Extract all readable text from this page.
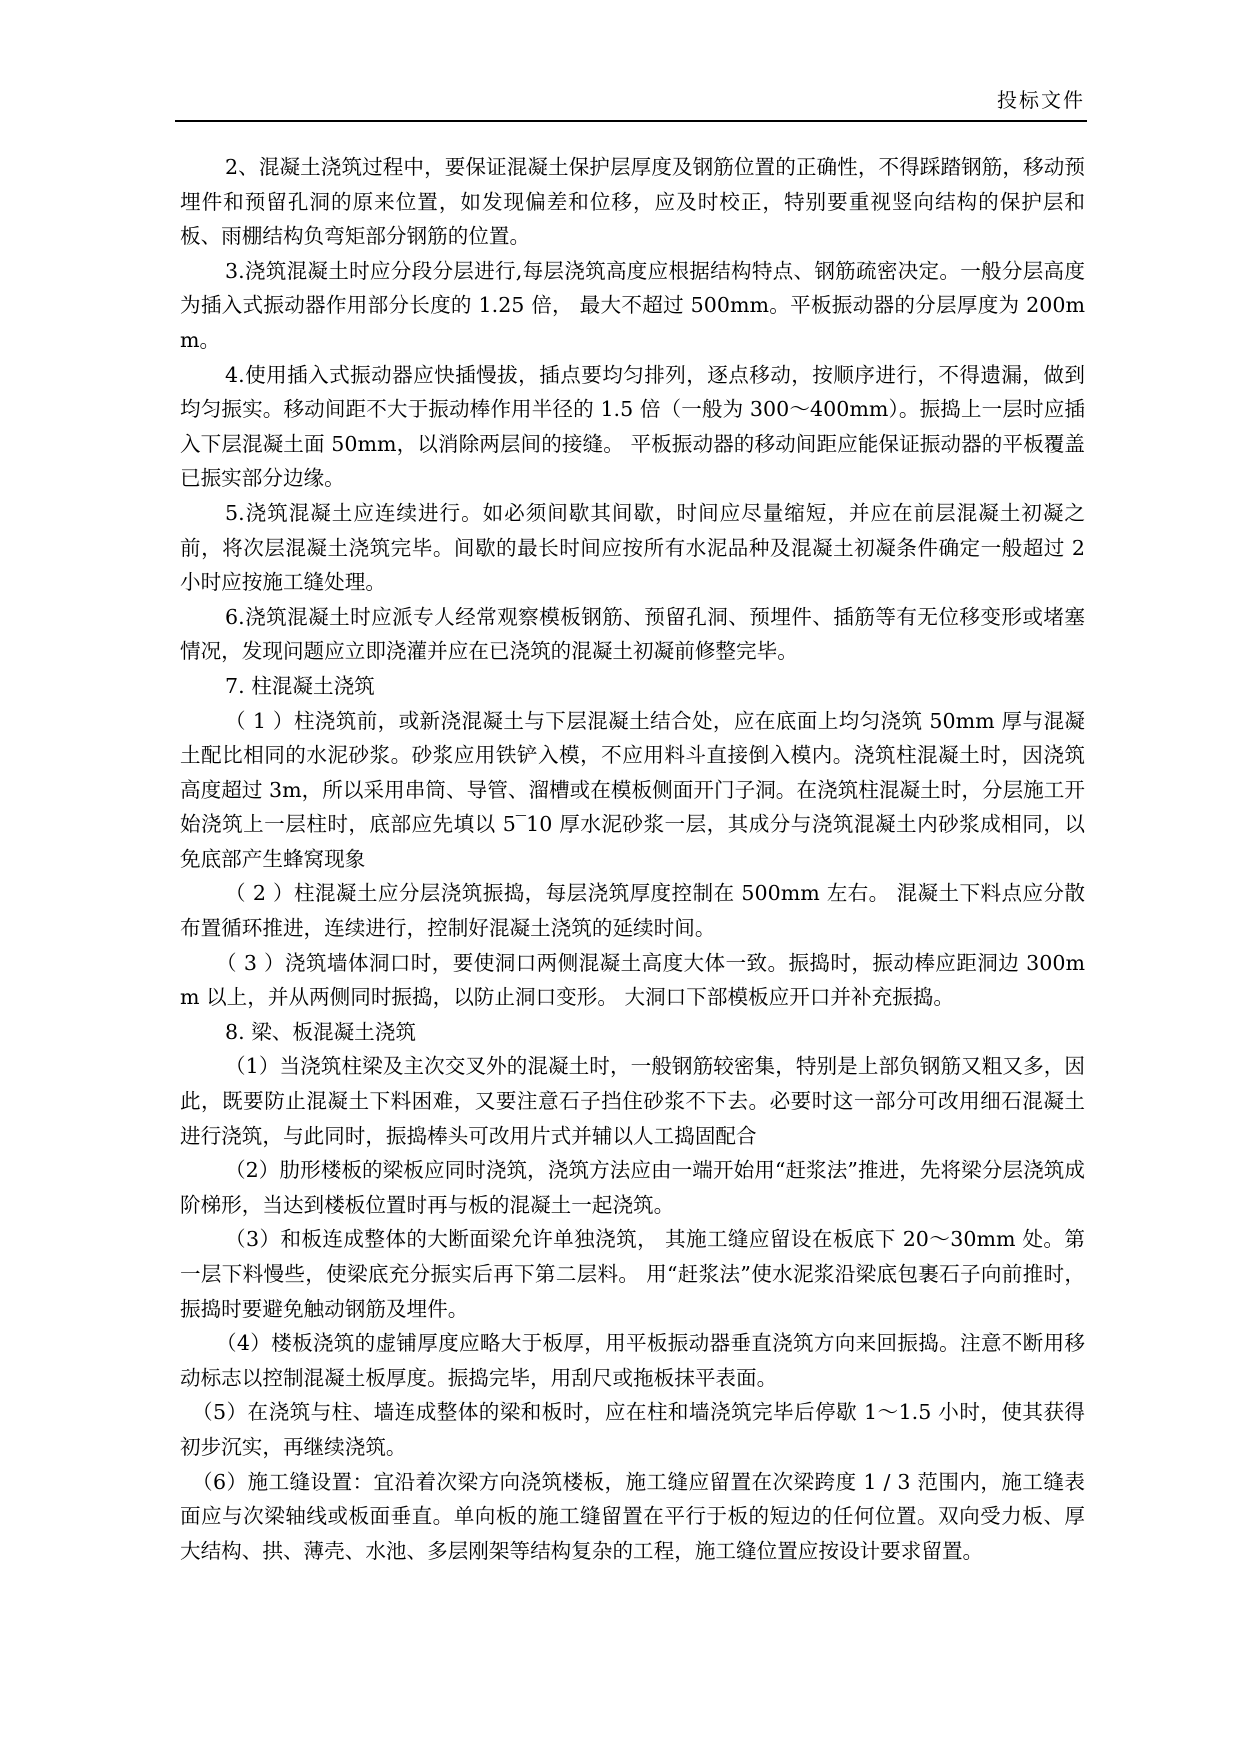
投标文件

2、混凝土浇筑过程中，要保证混凝土保护层厚度及钢筋位置的正确性，不得踩踏钢筋，移动预埋件和预留孔洞的原来位置，如发现偏差和位移，应及时校正，特别要重视竖向结构的保护层和板、雨棚结构负弯矩部分钢筋的位置。

3.浇筑混凝土时应分段分层进行,每层浇筑高度应根据结构特点、钢筋疏密决定。一般分层高度为插入式振动器作用部分长度的 1.25 倍， 最大不超过 500mm。平板振动器的分层厚度为 200mm。

4.使用插入式振动器应快插慢拔，插点要均匀排列，逐点移动，按顺序进行，不得遗漏，做到均匀振实。移动间距不大于振动棒作用半径的 1.5 倍（一般为 300～400mm）。振捣上一层时应插入下层混凝土面 50mm，以消除两层间的接缝。 平板振动器的移动间距应能保证振动器的平板覆盖已振实部分边缘。

5.浇筑混凝土应连续进行。如必须间歇其间歇，时间应尽量缩短，并应在前层混凝土初凝之前，将次层混凝土浇筑完毕。间歇的最长时间应按所有水泥品种及混凝土初凝条件确定一般超过 2 小时应按施工缝处理。

6.浇筑混凝土时应派专人经常观察模板钢筋、预留孔洞、预埋件、插筋等有无位移变形或堵塞情况，发现问题应立即浇灌并应在已浇筑的混凝土初凝前修整完毕。

7. 柱混凝土浇筑

（ 1 ）柱浇筑前，或新浇混凝土与下层混凝土结合处，应在底面上均匀浇筑 50mm 厚与混凝土配比相同的水泥砂浆。砂浆应用铁铲入模，不应用料斗直接倒入模内。浇筑柱混凝土时，因浇筑高度超过 3m，所以采用串筒、导管、溜槽或在模板侧面开门子洞。在浇筑柱混凝土时，分层施工开始浇筑上一层柱时，底部应先填以 5‾10 厚水泥砂浆一层，其成分与浇筑混凝土内砂浆成相同，以免底部产生蜂窝现象

（ 2 ）柱混凝土应分层浇筑振捣，每层浇筑厚度控制在 500mm 左右。 混凝土下料点应分散布置循环推进，连续进行，控制好混凝土浇筑的延续时间。

（ 3 ）浇筑墙体洞口时，要使洞口两侧混凝土高度大体一致。振捣时，振动棒应距洞边 300mm 以上，并从两侧同时振捣，以防止洞口变形。 大洞口下部模板应开口并补充振捣。

8. 梁、板混凝土浇筑

（1）当浇筑柱梁及主次交叉外的混凝土时，一般钢筋较密集，特别是上部负钢筋又粗又多，因此，既要防止混凝土下料困难，又要注意石子挡住砂浆不下去。必要时这一部分可改用细石混凝土进行浇筑，与此同时，振捣棒头可改用片式并辅以人工捣固配合

（2）肋形楼板的梁板应同时浇筑，浇筑方法应由一端开始用“赶浆法”推进，先将梁分层浇筑成阶梯形，当达到楼板位置时再与板的混凝土一起浇筑。

（3）和板连成整体的大断面梁允许单独浇筑， 其施工缝应留设在板底下 20～30mm 处。第一层下料慢些，使梁底充分振实后再下第二层料。 用“赶浆法”使水泥浆沿梁底包裹石子向前推时，振捣时要避免触动钢筋及埋件。

（4）楼板浇筑的虚铺厚度应略大于板厚，用平板振动器垂直浇筑方向来回振捣。注意不断用移动标志以控制混凝土板厚度。振捣完毕，用刮尺或拖板抹平表面。

（5）在浇筑与柱、墙连成整体的梁和板时，应在柱和墙浇筑完毕后停歇 1～1.5 小时，使其获得初步沉实，再继续浇筑。

（6）施工缝设置：宜沿着次梁方向浇筑楼板，施工缝应留置在次梁跨度 1 / 3 范围内，施工缝表面应与次梁轴线或板面垂直。单向板的施工缝留置在平行于板的短边的任何位置。双向受力板、厚大结构、拱、薄壳、水池、多层刚架等结构复杂的工程，施工缝位置应按设计要求留置。
